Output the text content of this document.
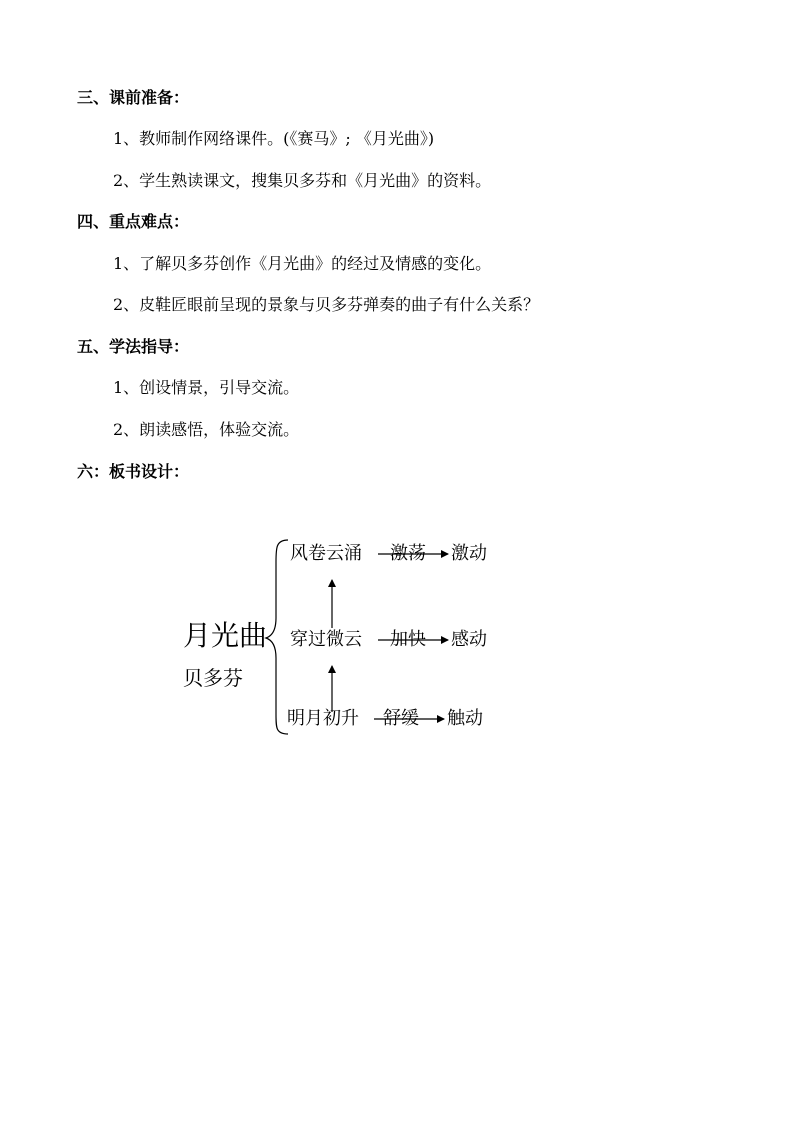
三、课前准备：
1、教师制作网络课件。(《赛马》; 《月光曲》)
2、学生熟读课文，搜集贝多芬和《月光曲》的资料。
四、重点难点：
1、了解贝多芬创作《月光曲》的经过及情感的变化。
2、皮鞋匠眼前呈现的景象与贝多芬弹奏的曲子有什么关系？
五、学法指导：
1、创设情景，引导交流。
2、朗读感悟，体验交流。
六：板书设计：
月光曲
贝多芬
风卷云涌 激荡 激动
穿过微云 加快 感动
明月初升 舒缓 触动
